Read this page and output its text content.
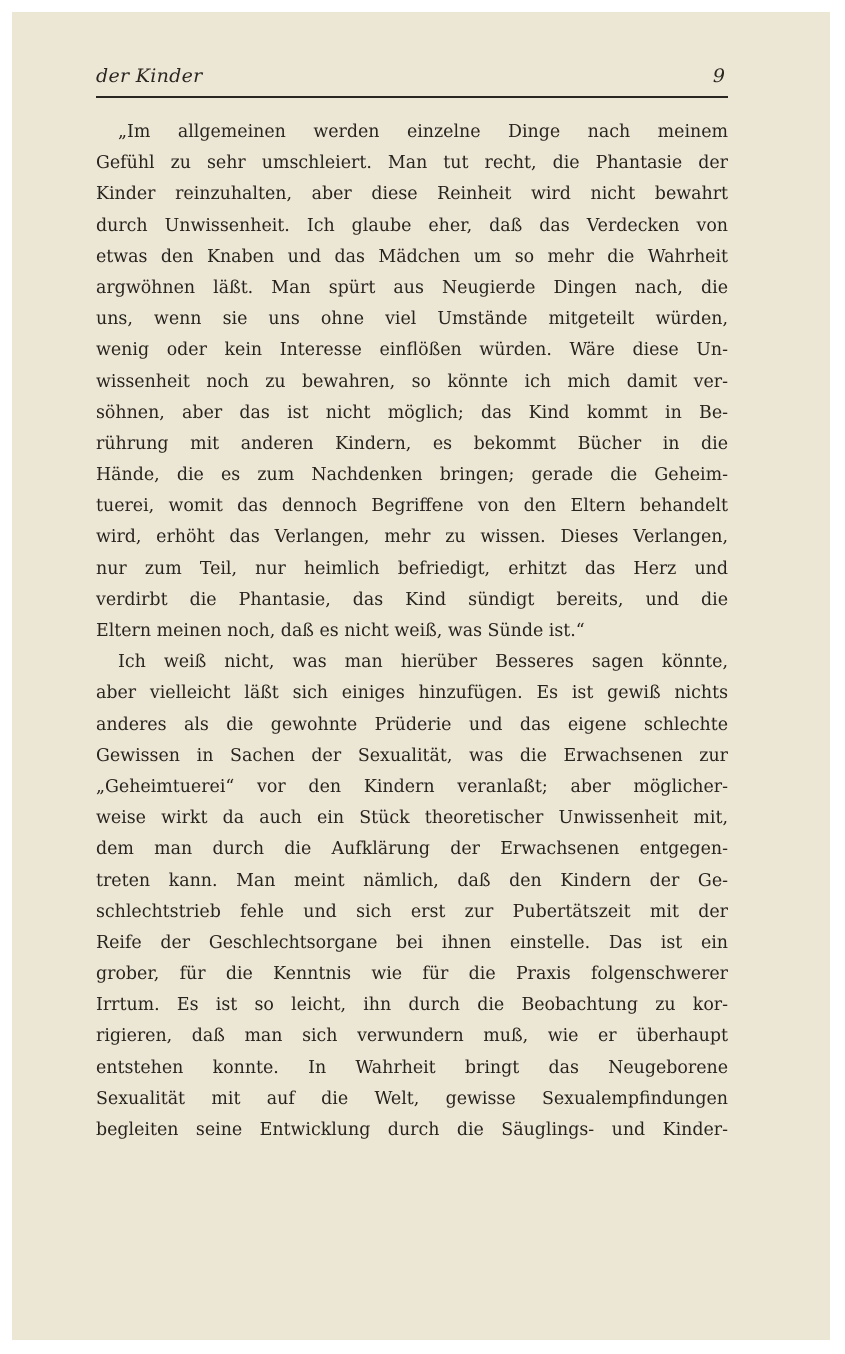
der Kinder	9
„Im allgemeinen werden einzelne Dinge nach meinem
Gefühl zu sehr umschleiert. Man tut recht, die Phantasie der
Kinder reinzuhalten, aber diese Reinheit wird nicht bewahrt
durch Unwissenheit. Ich glaube eher, daß das Verdecken von
etwas den Knaben und das Mädchen um so mehr die Wahrheit
argwöhnen läßt. Man spürt aus Neugierde Dingen nach, die
uns, wenn sie uns ohne viel Umstände mitgeteilt würden,
wenig oder kein Interesse einflößen würden. Wäre diese Un-
wissenheit noch zu bewahren, so könnte ich mich damit ver-
söhnen, aber das ist nicht möglich; das Kind kommt in Be-
rührung mit anderen Kindern, es bekommt Bücher in die
Hände, die es zum Nachdenken bringen; gerade die Geheim-
tuerei, womit das dennoch Begriffene von den Eltern behandelt
wird, erhöht das Verlangen, mehr zu wissen. Dieses Verlangen,
nur zum Teil, nur heimlich befriedigt, erhitzt das Herz und
verdirbt die Phantasie, das Kind sündigt bereits, und die
Eltern meinen noch, daß es nicht weiß, was Sünde ist.“
Ich weiß nicht, was man hierüber Besseres sagen könnte,
aber vielleicht läßt sich einiges hinzufügen. Es ist gewiß nichts
anderes als die gewohnte Prüderie und das eigene schlechte
Gewissen in Sachen der Sexualität, was die Erwachsenen zur
„Geheimtuerei“ vor den Kindern veranlaßt; aber möglicher-
weise wirkt da auch ein Stück theoretischer Unwissenheit mit,
dem man durch die Aufklärung der Erwachsenen entgegen-
treten kann. Man meint nämlich, daß den Kindern der Ge-
schlechtstrieb fehle und sich erst zur Pubertätszeit mit der
Reife der Geschlechtsorgane bei ihnen einstelle. Das ist ein
grober, für die Kenntnis wie für die Praxis folgenschwerer
Irrtum. Es ist so leicht, ihn durch die Beobachtung zu kor-
rigieren, daß man sich verwundern muß, wie er überhaupt
entstehen konnte. In Wahrheit bringt das Neugeborene
Sexualität mit auf die Welt, gewisse Sexualempfindungen
begleiten seine Entwicklung durch die Säuglings- und Kinder-
